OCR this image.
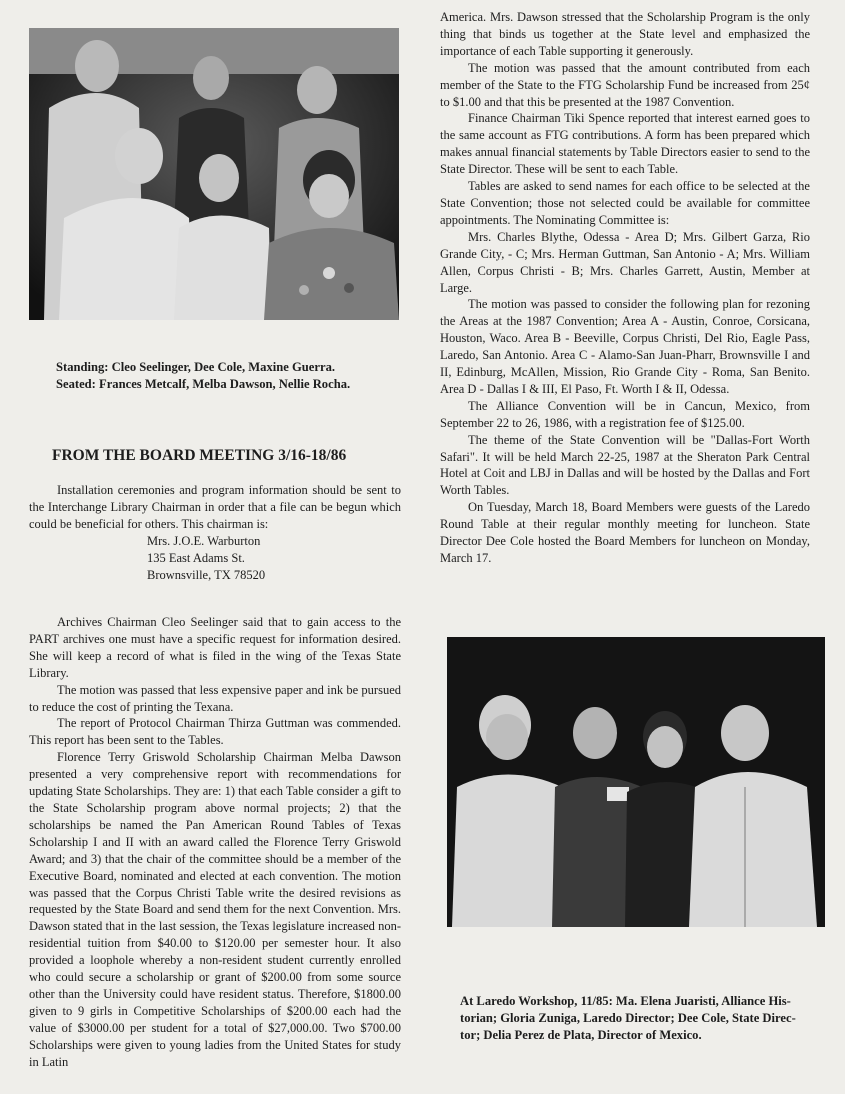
Standing: Cleo Seelinger, Dee Cole, Maxine Guerra.
Seated: Frances Metcalf, Melba Dawson, Nellie Rocha.
FROM THE BOARD MEETING 3/16-18/86

Installation ceremonies and program information should be sent to the Interchange Library Chairman in order that a file can be begun which could be beneficial for others. This chairman is:

Mrs. J.O.E. Warburton
135 East Adams St.
Brownsville, TX 78520

Archives Chairman Cleo Seelinger said that to gain access to the PART archives one must have a specific request for information desired. She will keep a record of what is filed in the wing of the Texas State Library.

The motion was passed that less expensive paper and ink be pursued to reduce the cost of printing the Texana.

The report of Protocol Chairman Thirza Guttman was commended. This report has been sent to the Tables.

Florence Terry Griswold Scholarship Chairman Melba Dawson presented a very comprehensive report with recommendations for updating State Scholarships. They are: 1) that each Table consider a gift to the State Scholarship program above normal projects; 2) that the scholarships be named the Pan American Round Tables of Texas Scholarship I and II with an award called the Florence Terry Griswold Award; and 3) that the chair of the committee should be a member of the Executive Board, nominated and elected at each convention. The motion was passed that the Corpus Christi Table write the desired revisions as requested by the State Board and send them for the next Convention. Mrs. Dawson stated that in the last session, the Texas legislature increased non-residential tuition from $40.00 to $120.00 per semester hour. It also provided a loophole whereby a non-resident student currently enrolled who could secure a scholarship or grant of $200.00 from some source other than the University could have resident status. Therefore, $1800.00 given to 9 girls in Competitive Scholarships of $200.00 each had the value of $3000.00 per student for a total of $27,000.00. Two $700.00 Scholarships were given to young ladies from the United States for study in Latin

America. Mrs. Dawson stressed that the Scholarship Program is the only thing that binds us together at the State level and emphasized the importance of each Table supporting it generously.

The motion was passed that the amount contributed from each member of the State to the FTG Scholarship Fund be increased from 25¢ to $1.00 and that this be presented at the 1987 Convention.

Finance Chairman Tiki Spence reported that interest earned goes to the same account as FTG contributions. A form has been prepared which makes annual financial statements by Table Directors easier to send to the State Director. These will be sent to each Table.

Tables are asked to send names for each office to be selected at the State Convention; those not selected could be available for committee appointments. The Nominating Committee is:

Mrs. Charles Blythe, Odessa - Area D; Mrs. Gilbert Garza, Rio Grande City, - C; Mrs. Herman Guttman, San Antonio - A; Mrs. William Allen, Corpus Christi - B; Mrs. Charles Garrett, Austin, Member at Large.

The motion was passed to consider the following plan for rezoning the Areas at the 1987 Convention; Area A - Austin, Conroe, Corsicana, Houston, Waco. Area B - Beeville, Corpus Christi, Del Rio, Eagle Pass, Laredo, San Antonio. Area C - Alamo-San Juan-Pharr, Brownsville I and II, Edinburg, McAllen, Mission, Rio Grande City - Roma, San Benito. Area D - Dallas I & III, El Paso, Ft. Worth I & II, Odessa.

The Alliance Convention will be in Cancun, Mexico, from September 22 to 26, 1986, with a registration fee of $125.00.

The theme of the State Convention will be "Dallas-Fort Worth Safari". It will be held March 22-25, 1987 at the Sheraton Park Central Hotel at Coit and LBJ in Dallas and will be hosted by the Dallas and Fort Worth Tables.

On Tuesday, March 18, Board Members were guests of the Laredo Round Table at their regular monthly meeting for luncheon. State Director Dee Cole hosted the Board Members for luncheon on Monday, March 17.

At Laredo Workshop, 11/85: Ma. Elena Juaristi, Alliance His-
torian; Gloria Zuniga, Laredo Director; Dee Cole, State Direc-
tor; Delia Perez de Plata, Director of Mexico.
